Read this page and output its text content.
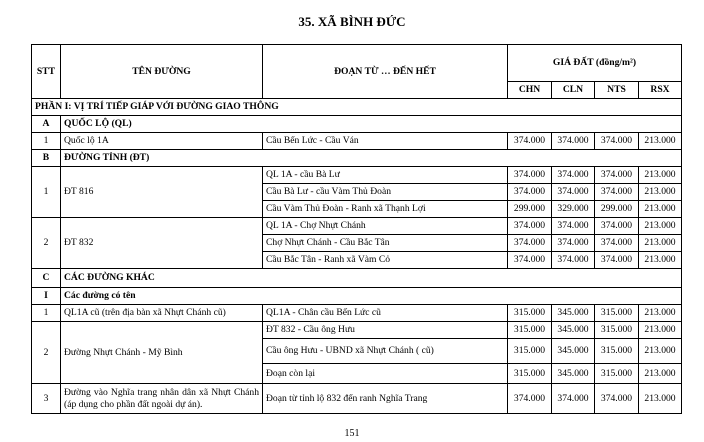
35. XÃ BÌNH ĐỨC
STT	TÊN ĐƯỜNG	ĐOẠN TỪ … ĐẾN HẾT	GIÁ ĐẤT (đồng/m²)			
			CHN	CLN	NTS	RSX
PHẦN I: VỊ TRÍ TIẾP GIÁP VỚI ĐƯỜNG GIAO THÔNG						
A	QUỐC LỘ (QL)					
1	Quốc lộ 1A	Cầu Bến Lức - Cầu Ván	374.000	374.000	374.000	213.000
B	ĐƯỜNG TỈNH (ĐT)					
1	ĐT 816	QL 1A - cầu Bà Lư	374.000	374.000	374.000	213.000
		Cầu Bà Lư - cầu Vàm Thủ Đoàn	374.000	374.000	374.000	213.000
		Cầu Vàm Thủ Đoàn - Ranh xã Thạnh Lợi	299.000	329.000	299.000	213.000
2	ĐT 832	QL 1A - Chợ Nhựt Chánh	374.000	374.000	374.000	213.000
		Chợ Nhựt Chánh - Cầu Bắc Tân	374.000	374.000	374.000	213.000
		Cầu Bắc Tân - Ranh xã Vàm Cỏ	374.000	374.000	374.000	213.000
C	CÁC ĐƯỜNG KHÁC					
I	Các đường có tên					
1	QL1A cũ (trên địa bàn xã Nhựt Chánh cũ)	QL1A - Chân cầu Bến Lức cũ	315.000	345.000	315.000	213.000
2	Đường Nhựt Chánh - Mỹ Bình	ĐT 832 - Cầu ông Hưu	315.000	345.000	315.000	213.000
		Cầu ông Hưu - UBND xã Nhựt Chánh ( cũ)	315.000	345.000	315.000	213.000
		Đoạn còn lại	315.000	345.000	315.000	213.000
3	Đường vào Nghĩa trang nhân dân xã Nhựt Chánh (áp dụng cho phần đất ngoài dự án).	Đoạn từ tỉnh lộ 832 đến ranh Nghĩa Trang	374.000	374.000	374.000	213.000
151
